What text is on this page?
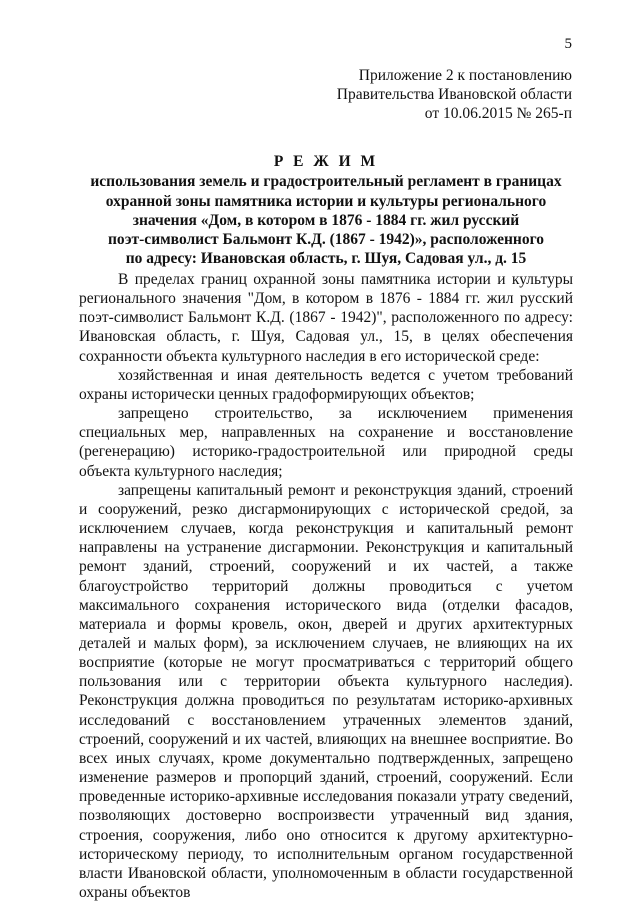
5
Приложение 2 к постановлению
Правительства Ивановской области
от 10.06.2015 № 265-п
Р Е Ж И М
использования земель и градостроительный регламент в границах
охранной зоны памятника истории и культуры регионального
значения «Дом, в котором в 1876 - 1884 гг. жил русский
поэт-символист Бальмонт К.Д. (1867 - 1942)», расположенного
по адресу: Ивановская область, г. Шуя, Садовая ул., д. 15

В пределах границ охранной зоны памятника истории и культуры регионального значения "Дом, в котором в 1876 - 1884 гг. жил русский поэт-символист Бальмонт К.Д. (1867 - 1942)", расположенного по адресу: Ивановская область, г. Шуя, Садовая ул., 15, в целях обеспечения сохранности объекта культурного наследия в его исторической среде:

хозяйственная и иная деятельность ведется с учетом требований охраны исторически ценных градоформирующих объектов;

запрещено строительство, за исключением применения специальных мер, направленных на сохранение и восстановление (регенерацию) историко-градостроительной или природной среды объекта культурного наследия;

запрещены капитальный ремонт и реконструкция зданий, строений и сооружений, резко дисгармонирующих с исторической средой, за исключением случаев, когда реконструкция и капитальный ремонт направлены на устранение дисгармонии. Реконструкция и капитальный ремонт зданий, строений, сооружений и их частей, а также благоустройство территорий должны проводиться с учетом максимального сохранения исторического вида (отделки фасадов, материала и формы кровель, окон, дверей и других архитектурных деталей и малых форм), за исключением случаев, не влияющих на их восприятие (которые не могут просматриваться с территорий общего пользования или с территории объекта культурного наследия). Реконструкция должна проводиться по результатам историко-архивных исследований с восстановлением утраченных элементов зданий, строений, сооружений и их частей, влияющих на внешнее восприятие. Во всех иных случаях, кроме документально подтвержденных, запрещено изменение размеров и пропорций зданий, строений, сооружений. Если проведенные историко-архивные исследования показали утрату сведений, позволяющих достоверно воспроизвести утраченный вид здания, строения, сооружения, либо оно относится к другому архитектурно-историческому периоду, то исполнительным органом государственной власти Ивановской области, уполномоченным в области государственной охраны объектов
